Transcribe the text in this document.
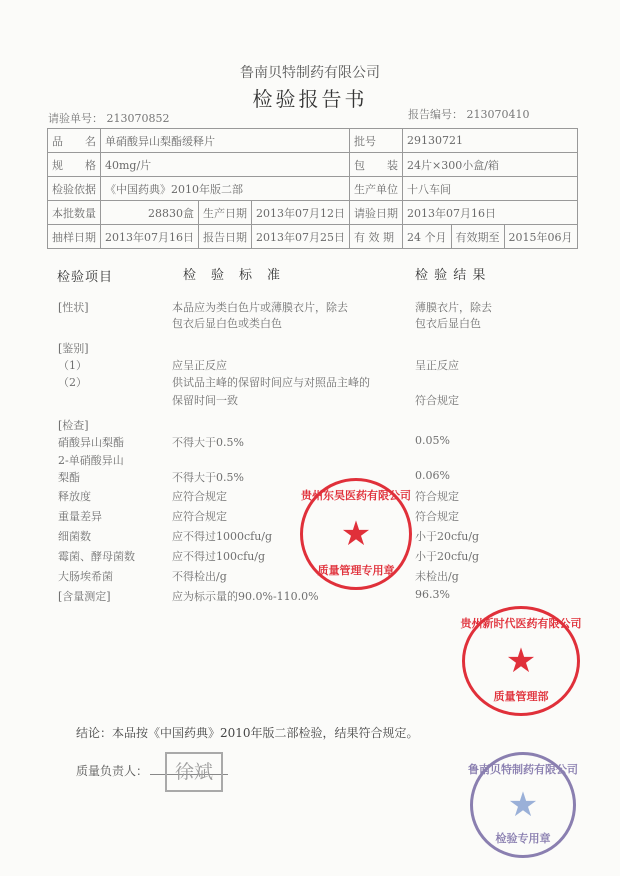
鲁南贝特制药有限公司
检验报告书
请验单号： 213070852	报告编号： 213070410
品　　名	单硝酸异山梨酯缓释片			批号	29130721		
规　　格	40mg/片			包　　装	24片×300小盒/箱		
检验依据	《中国药典》2010年版二部			生产单位	十八车间		
本批数量	28830盒	生产日期	2013年07月12日	请验日期	2013年07月16日		
抽样日期	2013年07月16日	报告日期	2013年07月25日	有 效 期	24 个月	有效期至	2015年06月
检验项目	检　验　标　准	检 验 结 果
[性状]	本品应为类白色片或薄膜衣片，除去	薄膜衣片，除去
包衣后显白色或类白色	包衣后显白色
[鉴别]
（1）	应呈正反应	呈正反应
（2）	供试品主峰的保留时间应与对照品主峰的
保留时间一致	符合规定
[检查]
硝酸异山梨酯	不得大于0.5%	0.05%
2-单硝酸异山
梨酯	不得大于0.5%	0.06%
释放度	应符合规定	符合规定
重量差异	应符合规定	符合规定
细菌数	应不得过1000cfu/g	小于20cfu/g
霉菌、酵母菌数	应不得过100cfu/g	小于20cfu/g
大肠埃希菌	不得检出/g	未检出/g
[含量测定]	应为标示量的90.0%-110.0%	96.3%
贵州东昊医药有限公司
★
质量管理专用章
贵州新时代医药有限公司
★
质量管理部
鲁南贝特制药有限公司
★
检验专用章
结论：本品按《中国药典》2010年版二部检验，结果符合规定。
质量负责人：	徐斌
